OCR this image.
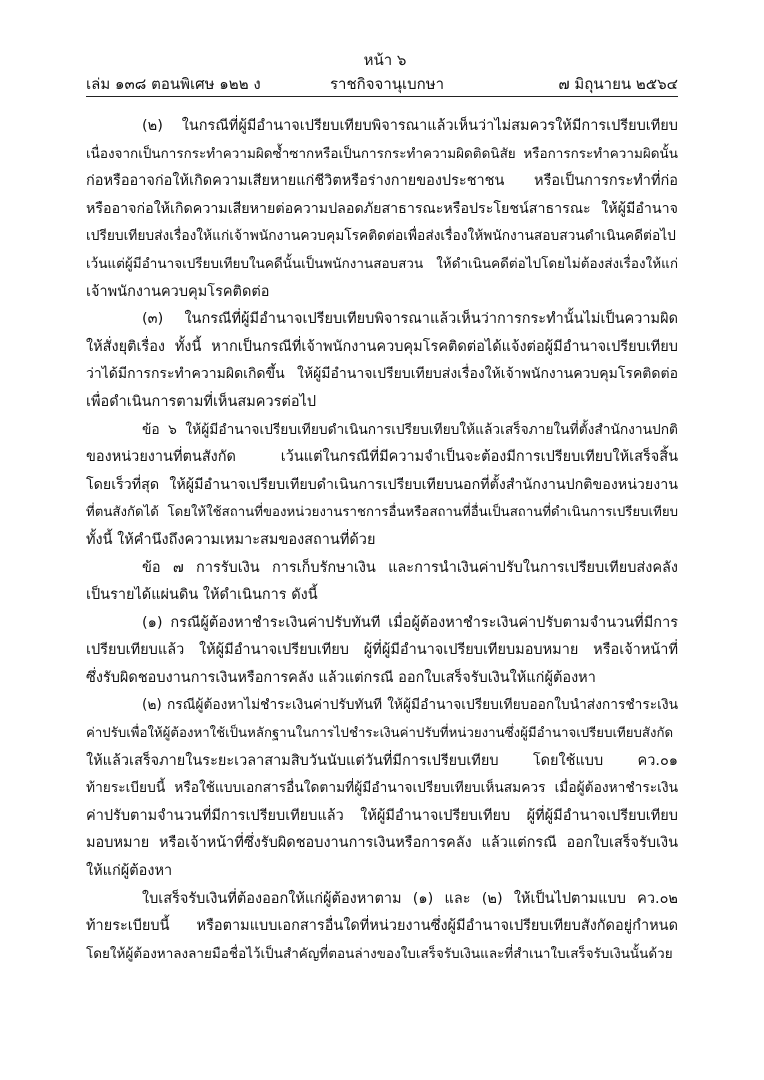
หน้า ๖
เล่ม ๑๓๘ ตอนพิเศษ ๑๒๒ ง	ราชกิจจานุเบกษา	๗ มิถุนายน ๒๕๖๔
(๒) ในกรณีที่ผู้มีอำนาจเปรียบเทียบพิจารณาแล้วเห็นว่าไม่สมควรให้มีการเปรียบเทียบ
เนื่องจากเป็นการกระทำความผิดซ้ำซากหรือเป็นการกระทำความผิดติดนิสัย หรือการกระทำความผิดนั้น
ก่อหรืออาจก่อให้เกิดความเสียหายแก่ชีวิตหรือร่างกายของประชาชน หรือเป็นการกระทำที่ก่อ
หรืออาจก่อให้เกิดความเสียหายต่อความปลอดภัยสาธารณะหรือประโยชน์สาธารณะ ให้ผู้มีอำนาจ
เปรียบเทียบส่งเรื่องให้แก่เจ้าพนักงานควบคุมโรคติดต่อเพื่อส่งเรื่องให้พนักงานสอบสวนดำเนินคดีต่อไป
เว้นแต่ผู้มีอำนาจเปรียบเทียบในคดีนั้นเป็นพนักงานสอบสวน ให้ดำเนินคดีต่อไปโดยไม่ต้องส่งเรื่องให้แก่
เจ้าพนักงานควบคุมโรคติดต่อ
(๓) ในกรณีที่ผู้มีอำนาจเปรียบเทียบพิจารณาแล้วเห็นว่าการกระทำนั้นไม่เป็นความผิด
ให้สั่งยุติเรื่อง ทั้งนี้ หากเป็นกรณีที่เจ้าพนักงานควบคุมโรคติดต่อได้แจ้งต่อผู้มีอำนาจเปรียบเทียบ
ว่าได้มีการกระทำความผิดเกิดขึ้น ให้ผู้มีอำนาจเปรียบเทียบส่งเรื่องให้เจ้าพนักงานควบคุมโรคติดต่อ
เพื่อดำเนินการตามที่เห็นสมควรต่อไป
ข้อ ๖ ให้ผู้มีอำนาจเปรียบเทียบดำเนินการเปรียบเทียบให้แล้วเสร็จภายในที่ตั้งสำนักงานปกติ
ของหน่วยงานที่ตนสังกัด เว้นแต่ในกรณีที่มีความจำเป็นจะต้องมีการเปรียบเทียบให้เสร็จสิ้น
โดยเร็วที่สุด ให้ผู้มีอำนาจเปรียบเทียบดำเนินการเปรียบเทียบนอกที่ตั้งสำนักงานปกติของหน่วยงาน
ที่ตนสังกัดได้ โดยให้ใช้สถานที่ของหน่วยงานราชการอื่นหรือสถานที่อื่นเป็นสถานที่ดำเนินการเปรียบเทียบ
ทั้งนี้ ให้คำนึงถึงความเหมาะสมของสถานที่ด้วย
ข้อ ๗ การรับเงิน การเก็บรักษาเงิน และการนำเงินค่าปรับในการเปรียบเทียบส่งคลัง
เป็นรายได้แผ่นดิน ให้ดำเนินการ ดังนี้
(๑) กรณีผู้ต้องหาชำระเงินค่าปรับทันที เมื่อผู้ต้องหาชำระเงินค่าปรับตามจำนวนที่มีการ
เปรียบเทียบแล้ว ให้ผู้มีอำนาจเปรียบเทียบ ผู้ที่ผู้มีอำนาจเปรียบเทียบมอบหมาย หรือเจ้าหน้าที่
ซึ่งรับผิดชอบงานการเงินหรือการคลัง แล้วแต่กรณี ออกใบเสร็จรับเงินให้แก่ผู้ต้องหา
(๒) กรณีผู้ต้องหาไม่ชำระเงินค่าปรับทันที ให้ผู้มีอำนาจเปรียบเทียบออกใบนำส่งการชำระเงิน
ค่าปรับเพื่อให้ผู้ต้องหาใช้เป็นหลักฐานในการไปชำระเงินค่าปรับที่หน่วยงานซึ่งผู้มีอำนาจเปรียบเทียบสังกัด
ให้แล้วเสร็จภายในระยะเวลาสามสิบวันนับแต่วันที่มีการเปรียบเทียบ โดยใช้แบบ คว.๐๑
ท้ายระเบียบนี้ หรือใช้แบบเอกสารอื่นใดตามที่ผู้มีอำนาจเปรียบเทียบเห็นสมควร เมื่อผู้ต้องหาชำระเงิน
ค่าปรับตามจำนวนที่มีการเปรียบเทียบแล้ว ให้ผู้มีอำนาจเปรียบเทียบ ผู้ที่ผู้มีอำนาจเปรียบเทียบ
มอบหมาย หรือเจ้าหน้าที่ซึ่งรับผิดชอบงานการเงินหรือการคลัง แล้วแต่กรณี ออกใบเสร็จรับเงิน
ให้แก่ผู้ต้องหา
ใบเสร็จรับเงินที่ต้องออกให้แก่ผู้ต้องหาตาม (๑) และ (๒) ให้เป็นไปตามแบบ คว.๐๒
ท้ายระเบียบนี้ หรือตามแบบเอกสารอื่นใดที่หน่วยงานซึ่งผู้มีอำนาจเปรียบเทียบสังกัดอยู่กำหนด
โดยให้ผู้ต้องหาลงลายมือชื่อไว้เป็นสำคัญที่ตอนล่างของใบเสร็จรับเงินและที่สำเนาใบเสร็จรับเงินนั้นด้วย
